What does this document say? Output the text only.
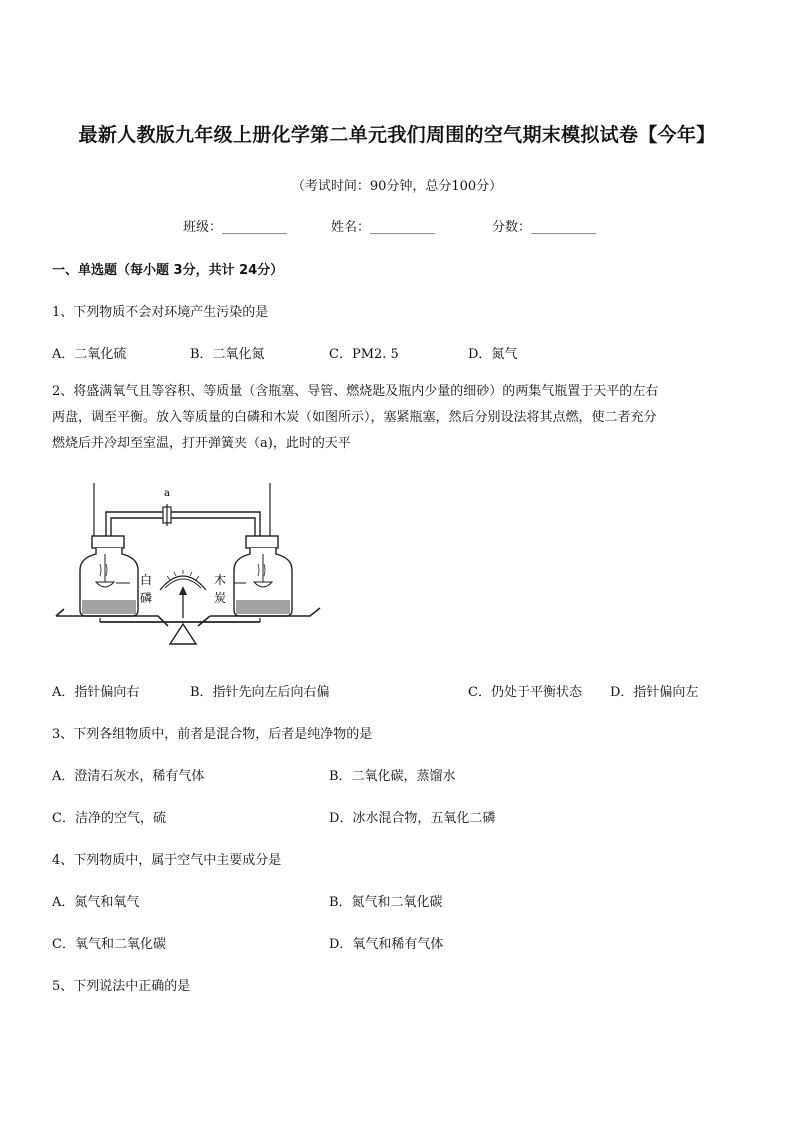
最新人教版九年级上册化学第二单元我们周围的空气期末模拟试卷【今年】
（考试时间：90分钟，总分100分）
班级：__________	姓名：__________	分数：__________
一、单选题（每小题 3分，共计 24分）
1、下列物质不会对环境产生污染的是
A．二氧化硫	B．二氧化氮	C．PM2. 5	D．氮气
2、将盛满氧气且等容积、等质量（含瓶塞、导管、燃烧匙及瓶内少量的细砂）的两集气瓶置于天平的左右
两盘，调至平衡。放入等质量的白磷和木炭（如图所示），塞紧瓶塞，然后分别设法将其点燃，使二者充分
燃烧后并冷却至室温，打开弹簧夹（a)，此时的天平
a
白
磷
木
炭
A．指针偏向右	B．指针先向左后向右偏	C．仍处于平衡状态 D．指针偏向左
3、下列各组物质中，前者是混合物，后者是纯净物的是
A．澄清石灰水，稀有气体	B．二氧化碳，蒸馏水
C．洁净的空气，硫	D．冰水混合物，五氧化二磷
4、下列物质中，属于空气中主要成分是
A．氮气和氧气	B．氮气和二氧化碳
C．氧气和二氧化碳	D．氧气和稀有气体
5、下列说法中正确的是
